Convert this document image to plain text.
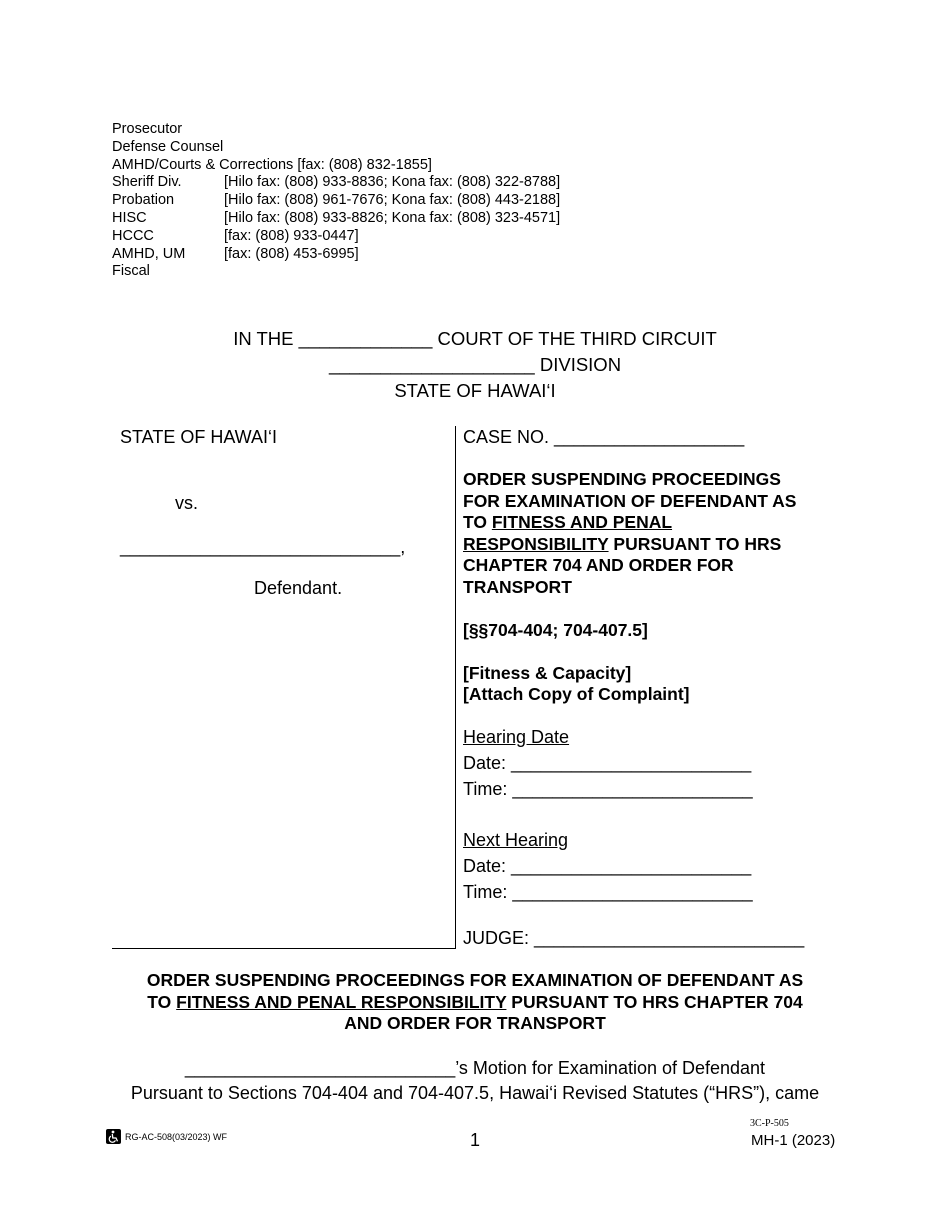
Prosecutor
Defense Counsel
AMHD/Courts & Corrections [fax: (808) 832-1855]
Sheriff Div.	[Hilo fax: (808) 933-8836; Kona fax: (808) 322-8788]
Probation	[Hilo fax: (808) 961-7676; Kona fax: (808) 443-2188]
HISC	[Hilo fax: (808) 933-8826; Kona fax: (808) 323-4571]
HCCC	[fax: (808) 933-0447]
AMHD, UM	[fax: (808) 453-6995]
Fiscal
IN THE _____________ COURT OF THE THIRD CIRCUIT
____________________ DIVISION
STATE OF HAWAI‘I
STATE OF HAWAI‘I
vs.
____________________________,
Defendant.
CASE NO. ___________________
ORDER SUSPENDING PROCEEDINGS
FOR EXAMINATION OF DEFENDANT AS
TO FITNESS AND PENAL
RESPONSIBILITY PURSUANT TO HRS
CHAPTER 704 AND ORDER FOR
TRANSPORT
[§§704-404; 704-407.5]
[Fitness & Capacity]
[Attach Copy of Complaint]
Hearing Date
Date: ________________________
Time: ________________________
Next Hearing
Date: ________________________
Time: ________________________
JUDGE: ___________________________
ORDER SUSPENDING PROCEEDINGS FOR EXAMINATION OF DEFENDANT AS
TO FITNESS AND PENAL RESPONSIBILITY PURSUANT TO HRS CHAPTER 704
AND ORDER FOR TRANSPORT
___________________________’s Motion for Examination of Defendant
Pursuant to Sections 704-404 and 704-407.5, Hawai‘i Revised Statutes (“HRS”), came
RG-AC-508(03/2023) WF	1
3C-P-505
MH-1 (2023)
